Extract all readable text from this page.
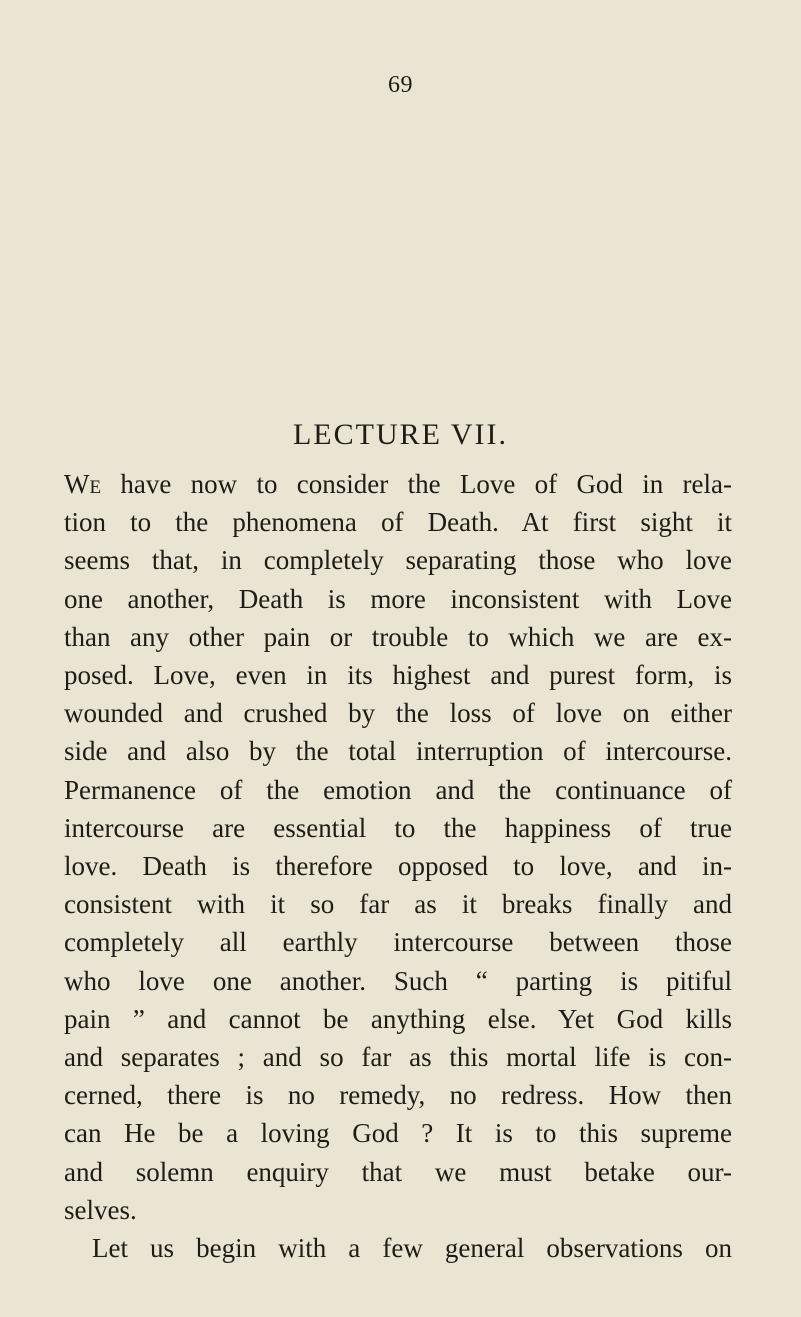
69
LECTURE VII.
We have now to consider the Love of God in rela-
tion to the phenomena of Death. At first sight it
seems that, in completely separating those who love
one another, Death is more inconsistent with Love
than any other pain or trouble to which we are ex-
posed. Love, even in its highest and purest form, is
wounded and crushed by the loss of love on either
side and also by the total interruption of intercourse.
Permanence of the emotion and the continuance of
intercourse are essential to the happiness of true
love. Death is therefore opposed to love, and in-
consistent with it so far as it breaks finally and
completely all earthly intercourse between those
who love one another. Such “ parting is pitiful
pain ” and cannot be anything else. Yet God kills
and separates ; and so far as this mortal life is con-
cerned, there is no remedy, no redress. How then
can He be a loving God ? It is to this supreme
and solemn enquiry that we must betake our-
selves.
Let us begin with a few general observations on
